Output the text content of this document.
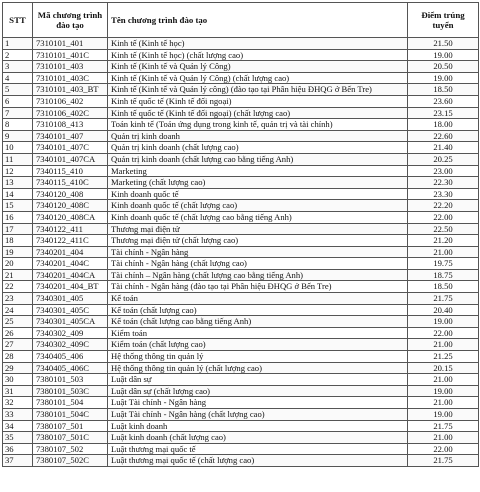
STT	Mã chương trình đào tạo	Tên chương trình đào tạo	Điểm trúng tuyển
1	7310101_401	Kinh tế (Kinh tế học)	21.50
2	7310101_401C	Kinh tế (Kinh tế học) (chất lượng cao)	19.00
3	7310101_403	Kinh tế (Kinh tế và Quản lý Công)	20.50
4	7310101_403C	Kinh tế (Kinh tế và Quản lý Công) (chất lượng cao)	19.00
5	7310101_403_BT	Kinh tế (Kinh tế và Quản lý công) (đào tạo tại Phân hiệu ĐHQG ở Bến Tre)	18.50
6	7310106_402	Kinh tế quốc tế (Kinh tế đối ngoại)	23.60
7	7310106_402C	Kinh tế quốc tế (Kinh tế đối ngoại) (chất lượng cao)	23.15
8	7310108_413	Toán kinh tế (Toán ứng dụng trong kinh tế, quản trị và tài chính)	18.00
9	7340101_407	Quản trị kinh doanh	22.60
10	7340101_407C	Quản trị kinh doanh (chất lượng cao)	21.40
11	7340101_407CA	Quản trị kinh doanh (chất lượng cao bằng tiếng Anh)	20.25
12	7340115_410	Marketing	23.00
13	7340115_410C	Marketing (chất lượng cao)	22.30
14	7340120_408	Kinh doanh quốc tế	23.30
15	7340120_408C	Kinh doanh quốc tế (chất lượng cao)	22.20
16	7340120_408CA	Kinh doanh quốc tế (chất lượng cao bằng tiếng Anh)	22.00
17	7340122_411	Thương mại điện tử	22.50
18	7340122_411C	Thương mại điện tử (chất lượng cao)	21.20
19	7340201_404	Tài chính - Ngân hàng	21.00
20	7340201_404C	Tài chính - Ngân hàng (chất lượng cao)	19.75
21	7340201_404CA	Tài chính – Ngân hàng (chất lượng cao bằng tiếng Anh)	18.75
22	7340201_404_BT	Tài chính - Ngân hàng (đào tạo tại Phân hiệu ĐHQG ở Bến Tre)	18.50
23	7340301_405	Kế toán	21.75
24	7340301_405C	Kế toán (chất lượng cao)	20.40
25	7340301_405CA	Kế toán (chất lượng cao bằng tiếng Anh)	19.00
26	7340302_409	Kiểm toán	22.00
27	7340302_409C	Kiểm toán (chất lượng cao)	21.00
28	7340405_406	Hệ thống thông tin quản lý	21.25
29	7340405_406C	Hệ thống thông tin quản lý (chất lượng cao)	20.15
30	7380101_503	Luật dân sự	21.00
31	7380101_503C	Luật dân sự (chất lượng cao)	19.00
32	7380101_504	Luật Tài chính - Ngân hàng	21.00
33	7380101_504C	Luật Tài chính - Ngân hàng (chất lượng cao)	19.00
34	7380107_501	Luật kinh doanh	21.75
35	7380107_501C	Luật kinh doanh (chất lượng cao)	21.00
36	7380107_502	Luật thương mại quốc tế	22.00
37	7380107_502C	Luật thương mại quốc tế (chất lượng cao)	21.75
